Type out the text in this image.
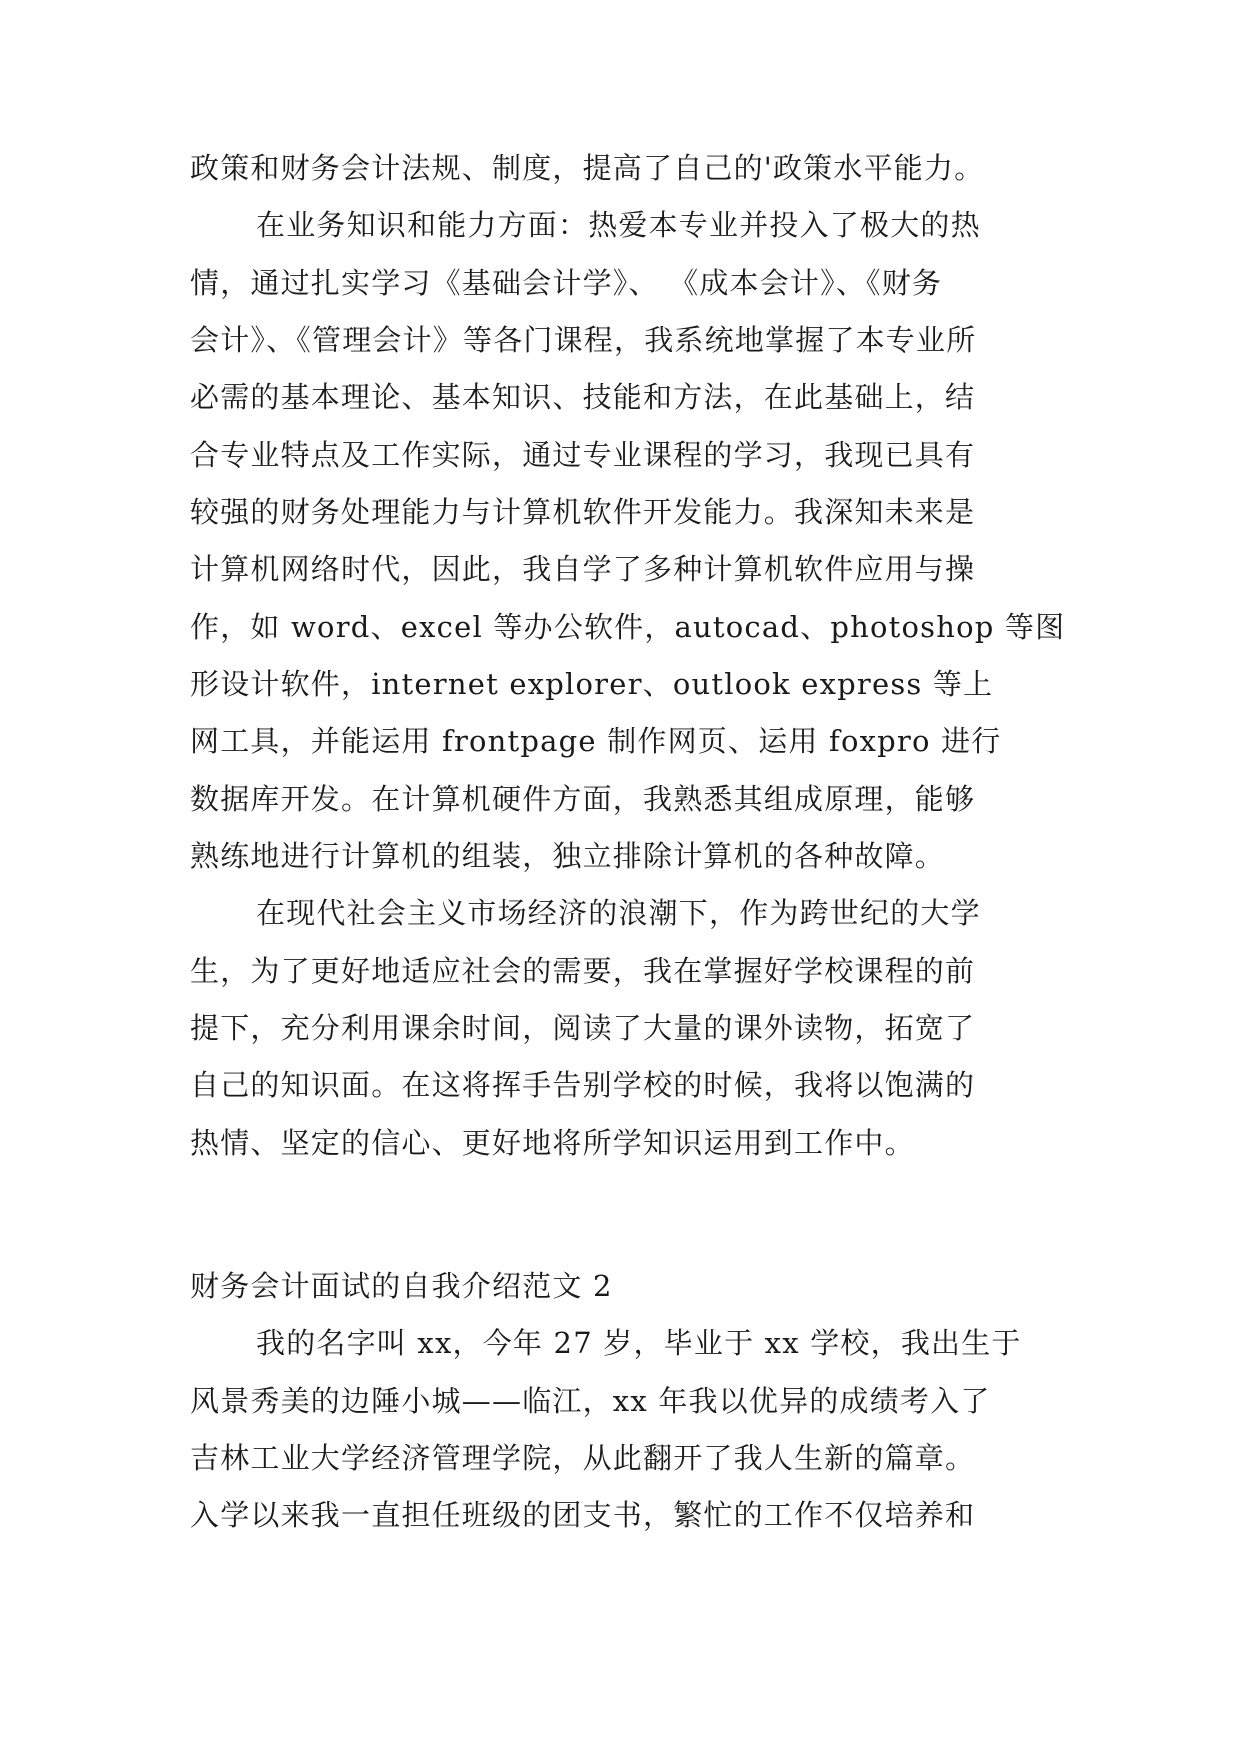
政策和财务会计法规、制度，提高了自己的'政策水平能力。
在业务知识和能力方面：热爱本专业并投入了极大的热
情，通过扎实学习《基础会计学》、 《成本会计》、《财务
会计》、《管理会计》等各门课程，我系统地掌握了本专业所
必需的基本理论、基本知识、技能和方法，在此基础上，结
合专业特点及工作实际，通过专业课程的学习，我现已具有
较强的财务处理能力与计算机软件开发能力。我深知未来是
计算机网络时代，因此，我自学了多种计算机软件应用与操
作，如 word、excel 等办公软件，autocad、photoshop 等图
形设计软件，internet explorer、outlook express 等上
网工具，并能运用 frontpage 制作网页、运用 foxpro 进行
数据库开发。在计算机硬件方面，我熟悉其组成原理，能够
熟练地进行计算机的组装，独立排除计算机的各种故障。
在现代社会主义市场经济的浪潮下，作为跨世纪的大学
生，为了更好地适应社会的需要，我在掌握好学校课程的前
提下，充分利用课余时间，阅读了大量的课外读物，拓宽了
自己的知识面。在这将挥手告别学校的时候，我将以饱满的
热情、坚定的信心、更好地将所学知识运用到工作中。
财务会计面试的自我介绍范文 2
我的名字叫 xx，今年 27 岁，毕业于 xx 学校，我出生于
风景秀美的边陲小城——临江，xx 年我以优异的成绩考入了
吉林工业大学经济管理学院，从此翻开了我人生新的篇章。
入学以来我一直担任班级的团支书，繁忙的工作不仅培养和
